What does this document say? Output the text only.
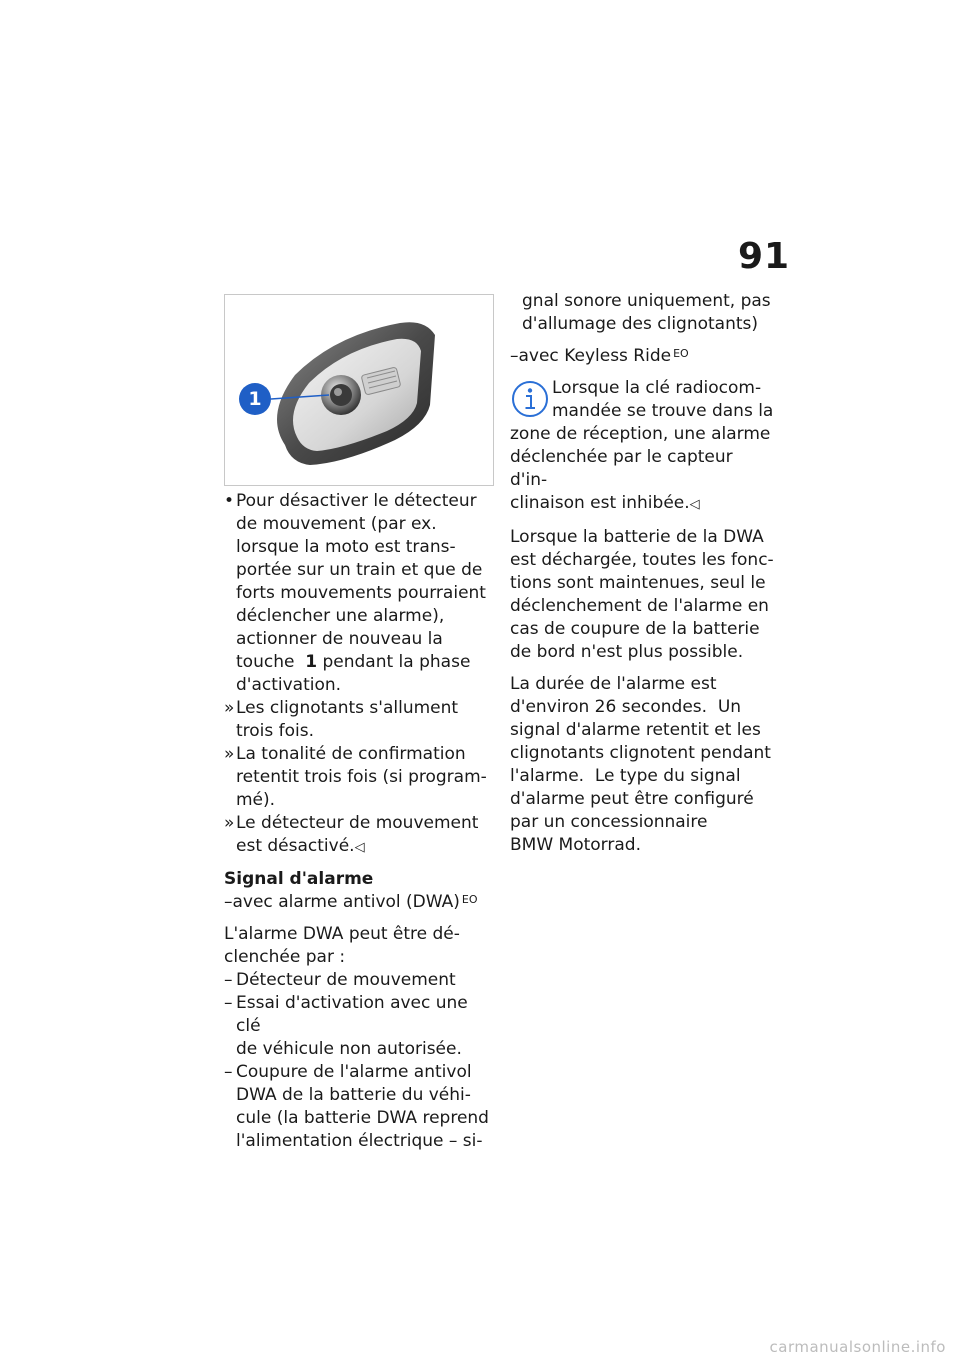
91
1
• Pour désactiver le détecteur
de mouvement (par ex.
lorsque la moto est trans-
portée sur un train et que de
forts mouvements pourraient
déclencher une alarme),
actionner de nouveau la
touche 1 pendant la phase
d'activation.
» Les clignotants s'allument
trois fois.
» La tonalité de confirmation
retentit trois fois (si program-
mé).
» Le détecteur de mouvement
est désactivé.◁
Signal d'alarme
–avec alarme antivol (DWA) $^{EO}$
L'alarme DWA peut être dé-
clenchée par :
– Détecteur de mouvement
– Essai d'activation avec une clé
de véhicule non autorisée.
– Coupure de l'alarme antivol
DWA de la batterie du véhi-
cule (la batterie DWA reprend
l'alimentation électrique – si-
gnal sonore uniquement, pas
d'allumage des clignotants)
–avec Keyless Ride $^{EO}$
Lorsque la clé radiocom-
mandée se trouve dans la
zone de réception, une alarme
déclenchée par le capteur d'in-
clinaison est inhibée.◁
Lorsque la batterie de la DWA
est déchargée, toutes les fonc-
tions sont maintenues, seul le
déclenchement de l'alarme en
cas de coupure de la batterie
de bord n'est plus possible.
La durée de l'alarme est
d'environ 26 secondes.  Un
signal d'alarme retentit et les
clignotants clignotent pendant
l'alarme.  Le type du signal
d'alarme peut être configuré
par un concessionnaire
BMW Motorrad.
carmanualsonline.info
